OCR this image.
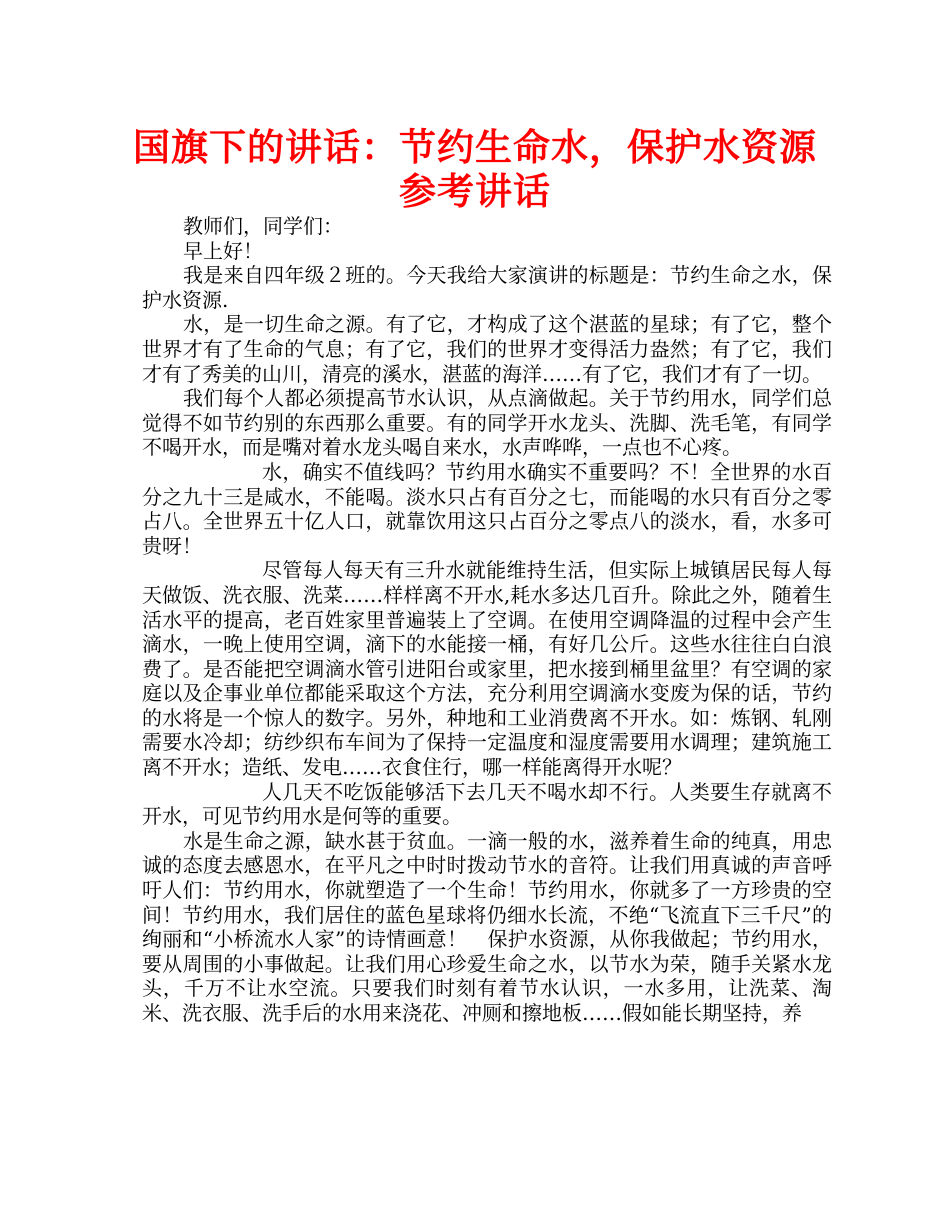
国旗下的讲话：节约生命水，保护水资源
参考讲话

教师们，同学们：

早上好！

我是来自四年级２班的。今天我给大家演讲的标题是：节约生命之水，保护水资源.

水，是一切生命之源。有了它，才构成了这个湛蓝的星球；有了它，整个世界才有了生命的气息；有了它，我们的世界才变得活力盎然；有了它，我们才有了秀美的山川，清亮的溪水，湛蓝的海洋……有了它，我们才有了一切。

我们每个人都必须提高节水认识，从点滴做起。关于节约用水，同学们总觉得不如节约别的东西那么重要。有的同学开水龙头、洗脚、洗毛笔，有同学不喝开水，而是嘴对着水龙头喝自来水，水声哗哗，一点也不心疼。

水，确实不值线吗？节约用水确实不重要吗？不！全世界的水百分之九十三是咸水，不能喝。淡水只占有百分之七，而能喝的水只有百分之零占八。全世界五十亿人口，就靠饮用这只占百分之零点八的淡水，看，水多可贵呀！

尽管每人每天有三升水就能维持生活，但实际上城镇居民每人每天做饭、洗衣服、洗菜……样样离不开水,耗水多达几百升。除此之外，随着生活水平的提高，老百姓家里普遍装上了空调。在使用空调降温的过程中会产生滴水，一晚上使用空调，滴下的水能接一桶，有好几公斤。这些水往往白白浪费了。是否能把空调滴水管引进阳台或家里，把水接到桶里盆里？有空调的家庭以及企事业单位都能采取这个方法，充分利用空调滴水变废为保的话，节约的水将是一个惊人的数字。另外，种地和工业消费离不开水。如：炼钢、轧刚需要水冷却；纺纱织布车间为了保持一定温度和湿度需要用水调理；建筑施工离不开水；造纸、发电……衣食住行，哪一样能离得开水呢？

人几天不吃饭能够活下去几天不喝水却不行。人类要生存就离不开水，可见节约用水是何等的重要。

水是生命之源，缺水甚于贫血。一滴一般的水，滋养着生命的纯真，用忠诚的态度去感恩水，在平凡之中时时拨动节水的音符。让我们用真诚的声音呼吁人们：节约用水，你就塑造了一个生命！节约用水，你就多了一方珍贵的空间！节约用水，我们居住的蓝色星球将仍细水长流，不绝“飞流直下三千尺”的绚丽和“小桥流水人家”的诗情画意！　保护水资源，从你我做起；节约用水，要从周围的小事做起。让我们用心珍爱生命之水，以节水为荣，随手关紧水龙头，千万不让水空流。只要我们时刻有着节水认识，一水多用，让洗菜、淘米、洗衣服、洗手后的水用来浇花、冲厕和擦地板……假如能长期坚持，养
